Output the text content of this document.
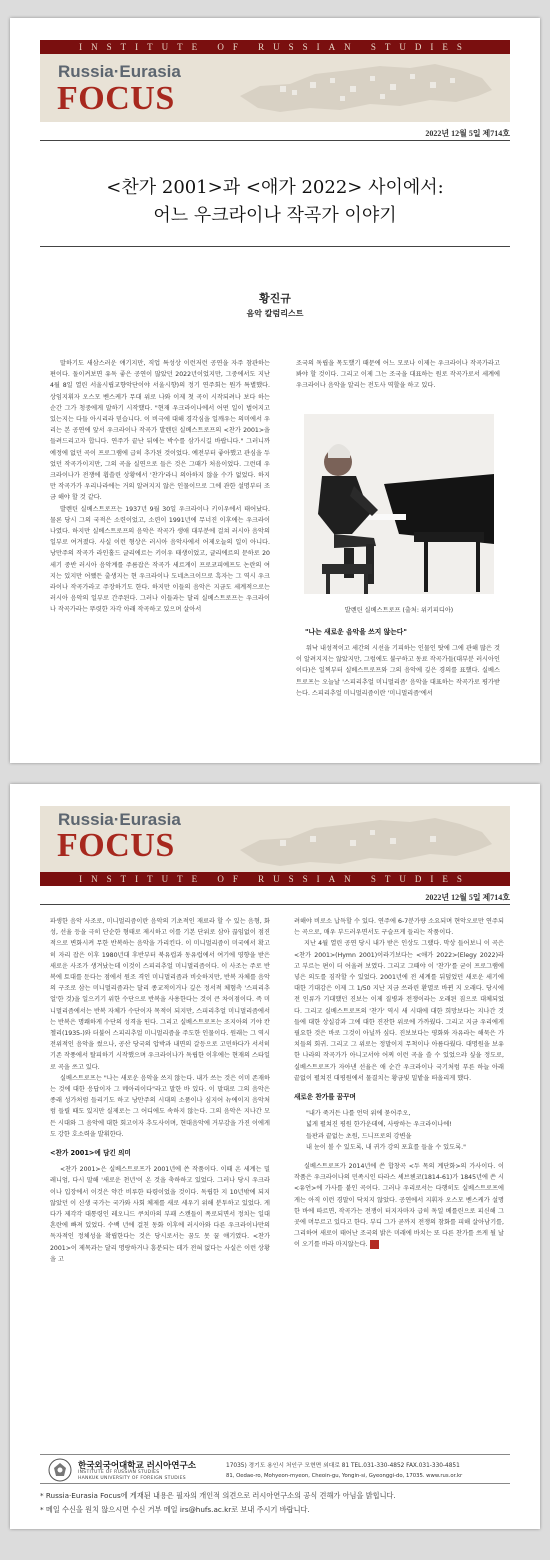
INSTITUTE OF RUSSIAN STUDIES
Russia·Eurasia
FOCUS
2022년 12월 5일 제714호
<찬가 2001>과 <애가 2022> 사이에서:
어느 우크라이나 작곡가 이야기
황진규
음악 칼럼리스트

말하기도 새삼스러운 얘기지만, 직업 특성상 이런저런 공연을 자주 참관하는 편이다. 돌이켜보면 유독 좋은 공연이 많았던 2022년이었지만, 그중에서도 지난 4월 8일 열린 서울시립교향악단이야 서울시향)의 정기 연주회는 뭔가 특별했다. 상임지휘자 오스모 벤스케가 무대 위로 나와 이제 첫 곡이 시작되려나 보다 하는 순간 그가 청중에게 말하기 시작했다. "현재 우크라이나에서 어떤 일이 벌어지고 있는지는 다들 아시리라 믿습니다. 이 비극에 대해 경각심을 일깨우는 의미에서 우리는 본 공연에 앞서 우크라이나 작곡가 발렌틴 실베스트로프의 <찬가 2001>을 들려드리고자 합니다. 연주가 끝난 뒤에는 박수를 삼가시길 바랍니다." 그러니까 예정에 없던 곡이 프로그램에 급히 추가된 것이었다. 예전부터 좋아했고 관심을 두었던 작곡가이지만, 그의 곡을 실연으로 들은 것은 그때가 처음이었다. 그런데 우크라이나가 전쟁에 휩쓸린 상황에서 '찬가'라니 의아하지 않을 수가 없었다. 하지만 작곡가가 우리나라에는 거의 알려지지 않은 인물이므로 그에 관한 설명부터 조금 해야 할 것 같다.

발렌틴 실베스트로프는 1937년 9월 30일 우크라이나 키이우에서 태어났다. 물론 당시 그의 국적은 소련이었고, 소련이 1991년에 무너진 이후에는 우크라이나였다. 하지만 실베스트로프의 음악은 작곡가 생애 대부분에 걸쳐 러시아 음악의 일부로 여겨졌다. 사실 이런 형상은 러시아 음악사에서 어제오늘의 일이 아니다. 낭만주의 작곡가 라인홀드 글리에르는 키이우 태생이었고, 글리에르의 문하로 20세기 중반 러시아 음악계를 주름잡은 작곡가 세르게이 프로코피예프도 논란의 여지는 있지만 어쨌든 출생지는 현 우크라이나 도네츠크이므로 흑자는 그 역시 우크라이나 작곡가라고 주장하기도 한다. 하지만 이들의 음악은 지금도 세계적으로는 러시아 음악의 일부로 간주된다. 그러나 이들과는 달리 실베스트로프는 우크라이나 작곡가라는 뚜렷한 자각 아래 작곡하고 있으며 살아서

조국의 독립을 목도했기 때문에 어느 모로나 이제는 우크라이나 작곡가라고 봐야 할 것이다. 그리고 이제 그는 조국을 대표하는 원로 작곡가로서 세계에 우크라이나 음악을 알리는 전도사 역할을 하고 있다.

발렌틴 실베스트로프 (출처: 위키피디아)
"나는 새로운 음악을 쓰지 않는다"

워낙 내성적이고 세간의 시선을 기피하는 인물인 탓에 그에 관해 많은 것이 알려지지는 않았지만, 그럼에도 불구하고 동료 작곡가들(대부분 러시아인이다)은 일찍부터 실베스트로프와 그의 음악에 깊은 경의를 표했다. 실베스트로프는 오늘날 '스피리추얼 미니멀리즘' 음악을 대표하는 작곡가로 평가받는다. 스피리추얼 미니멀리즘이란 '미니멀리즘'에서

Russia·Eurasia
FOCUS
INSTITUTE OF RUSSIAN STUDIES
2022년 12월 5일 제714호

파생한 음악 사조로, 미니멀리즘이란 음악의 기초적인 재료라 할 수 있는 음형, 화성, 선율 등을 극히 단순한 형태로 제시하고 이를 기본 단위로 삼아 끊임없이 점진적으로 변화시켜 무한 반복하는 음악을 가리킨다. 이 미니멀리즘이 미국에서 확고히 자리 잡은 이후 1980년대 후반부터 북유럽과 동유럽에서 여기에 영향을 받은 새로운 사조가 생겨났는데 이것이 스피리추얼 미니멀리즘이다. 이 사조는 주로 반복에 토대를 둔다는 점에서 원조 격인 미니멀리즘과 비슷하지만, 반복 자체를 음악의 구조로 삼는 미니멀리즘과는 달리 종교적이거나 깊은 정서적 체험측 '스피리추얼'한 것)을 일으키기 위한 수단으로 반복을 사용한다는 것이 큰 차이점이다. 즉 미니멀리즘에서는 반복 자체가 수단이자 목적이 되지만, 스피리추얼 미니멀리즘에서는 반복은 명쾌하게 수단의 성격을 띤다. 그리고 실베스트로프는 조지아의 기야 칸첼리(1935-)와 더불어 스피리추얼 미니멀리즘을 주도한 인물이다. 원래는 그 역시 전위적인 음악을 썼으나, 공산 당국의 압박과 내면의 갈등으로 고민하다가 서서히 기존 작풍에서 탈피하기 시작했으며 우크라이나가 독립한 이후에는 현재의 스타일로 곡을 쓰고 있다.

실베스트로프는 "나는 새로운 음악을 쓰지 않는다. 내가 쓰는 것은 이미 존재하는 것에 대한 응답이자 그 메아리이다"라고 말한 바 있다. 이 말대로 그의 음악은 종래 성가처럼 들리기도 하고 낭만주의 시대의 소품이나 심지어 뉴에이지 음악처럼 들릴 때도 있지만 실제로는 그 어디에도 속하지 않는다. 그의 음악은 지나간 모든 시대와 그 음악에 대한 회고이자 추도사이며, 현대음악에 거부감을 가진 이에게도 강한 호소력을 발휘한다.

<찬가 2001>에 담긴 의미

<찬가 2001>은 실베스트로프가 2001년에 쓴 작품이다. 이때 온 세계는 밀레니엄, 다시 말해 '새로운 천년'이 온 것을 축하하고 있었다. 그러나 당시 우크라이나 입장에서 이것은 약간 비루한 타령이었을 것이다. 독립한 지 10년밖에 되지 않았던 이 신생 국가는 국가와 사회 체제를 새로 세우기 위해 분투하고 있었다. 게다가 제각각 대통령인 레오니드 쿠치마의 부패 스캔들이 폭로되면서 정치는 일대 혼란에 빠져 있었다. 수백 년에 걸친 동화 이후에 러시아와 다른 우크라이나만의 독자적인 정체성을 확립한다는 것은 당시로서는 꿈도 못 꿀 얘기였다. <찬가 2001>이 제목과는 달리 명랑하거나 흥분되는 데가 전혀 없다는 사실은 이런 상황을 고

려해야 비로소 납득할 수 있다. 연주에 6-7분가량 소요되며 현악오로만 연주되는 곡으로, 매우 부드러우면서도 구슬프게 들리는 작품이다.

지난 4월 열린 공연 당시 내가 받은 인상도 그랬다. 막상 들어보니 이 곡은 <찬가 2001>(Hymn 2001)이라기보다는 <애가 2022>(Elegy 2022)라고 부르는 편이 더 어울려 보였다. 그리고 그때야 이 '찬가'를 굳이 프로그램에 넣은 의도를 짐작할 수 있었다. 2001년에 전 세계를 뒤덮었던 새로운 세기에 대한 기대감은 이제 그 1/50 지난 지금 쓰라린 환멸로 바뀐 지 오래다. 당시에 전 인류가 기대했던 진보는 이제 질병과 전쟁이라는 오래된 짐으로 대체되었다. 그리고 실베스트로프의 '찬가' 역시 새 시대에 대한 희망보다는 지나간 것들에 대한 상실감과 그에 대한 진잔한 위로에 가까웠다. 그리고 지금 우리에게 필요한 것은 바로 그것이 아닐까 싶다. 진보보다는 평화와 자유라는 해묵은 가치들의 회귀. 그리고 그 위로는 정말이지 무척이나 아름다웠다. 대명원을 보유한 나라의 작곡가가 아니고서야 어찌 이런 곡을 쓸 수 있었으랴 싶을 정도로, 실베스트로프가 자아낸 선율은 애 순간 우크라이나 국기처럼 푸른 하늘 아래 끝없이 펼쳐진 대평원에서 물결치는 황금빛 밀밭을 떠올리게 했다.

새로운 찬가를 꿈꾸며
"내가 죽거든 나를 언덕 위에 묻어주오,
넓게 펼쳐진 평원 한가운데에, 사랑하는 우크라이나에!
들판과 끝없는 초원, 드니프로의 강변을
내 눈이 볼 수 있도록, 내 귀가 강의 포효를 들을 수 있도록."

실베스트로프가 2014년에 쓴 합창곡 <두 목의 계단화>의 가사이다. 이 작품은 우크라이나의 민족시인 타라스 셰브첸코(1814-61)가 1845년에 쓴 시 <유언>에 가사를 붙인 곡이다. 그러나 우리로서는 다행히도 실베스트로프에게는 아직 이런 경말이 닥치지 않았다. 공연에서 지휘자 오스모 벤스케가 설명한 바에 따르면, 작곡가는 전쟁이 터지자마자 급히 독일 베를린으로 피신해 그곳에 머무르고 있다고 한다. 부디 그가 곧까지 전쟁의 참화를 피해 살아남기를, 그리하여 새로이 태어난 조국의 밝은 미래에 바치는 또 다른 찬가를 쓰게 될 날이 오기를 바라 마지않는다. R

한국외국어대학교 러시아연구소
INSTITUTE OF RUSSIAN STUDIES
HANKUK UNIVERSITY OF FOREIGN STUDIES
17035) 경기도 용인시 처인구 모현면 외대로 81 TEL.031-330-4852 FAX.031-330-4851
81, Oedae-ro, Mohyeon-myeon, Cheoin-gu, Yongin-si, Gyeonggi-do, 17035. www.rus.or.kr
* Russia·Eurasia Focus에 게재된 내용은 필자의 개인적 의견으로 러시아연구소의 공식 견해가 아님을 밝힙니다.
* 메일 수신을 원치 않으시면 수신 거부 메일 irs@hufs.ac.kr로 보내 주시기 바랍니다.
